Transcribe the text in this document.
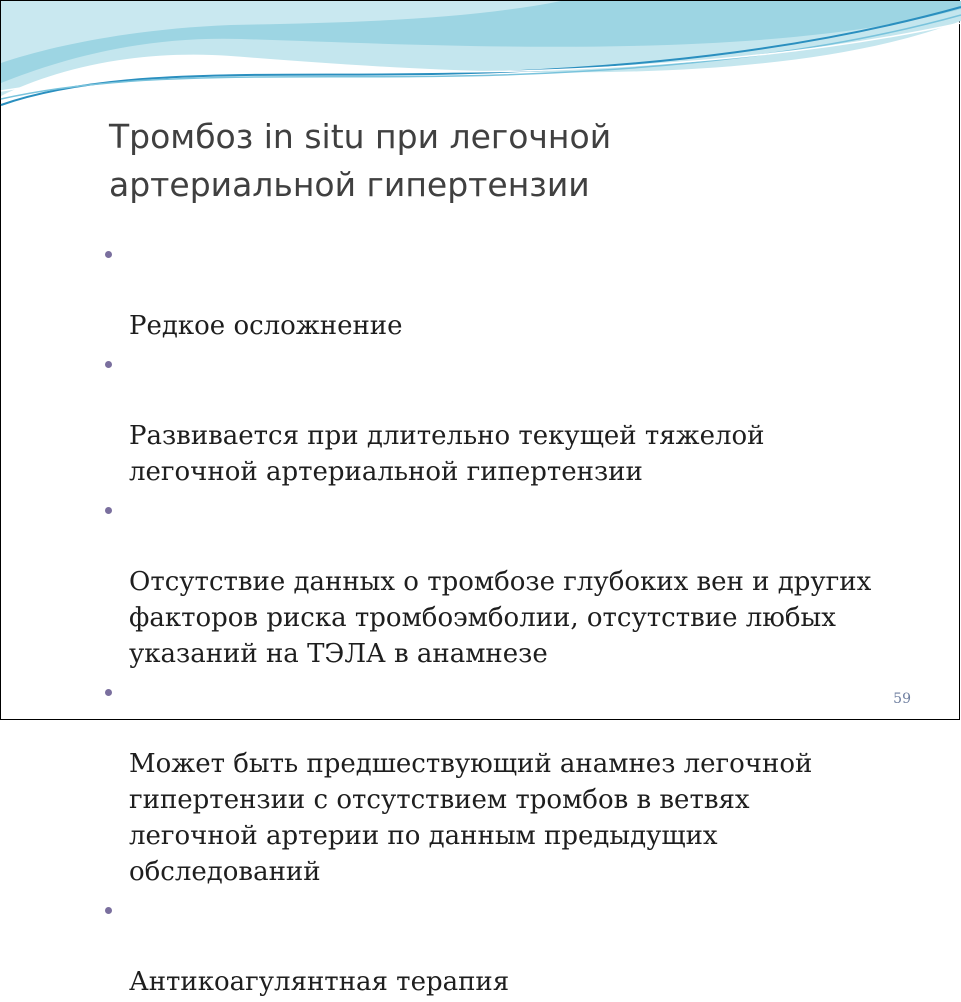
Тромбоз in situ при легочной
артериальной гипертензии

Редкое осложнение

Развивается при длительно текущей тяжелой
легочной артериальной гипертензии

Отсутствие данных о тромбозе глубоких вен и других
факторов риска тромбоэмболии, отсутствие любых
указаний на ТЭЛА в анамнезе

Может быть предшествующий анамнез легочной
гипертензии с отсутствием тромбов в ветвях
легочной артерии по данным предыдущих
обследований

Антикоагулянтная терапия

59
